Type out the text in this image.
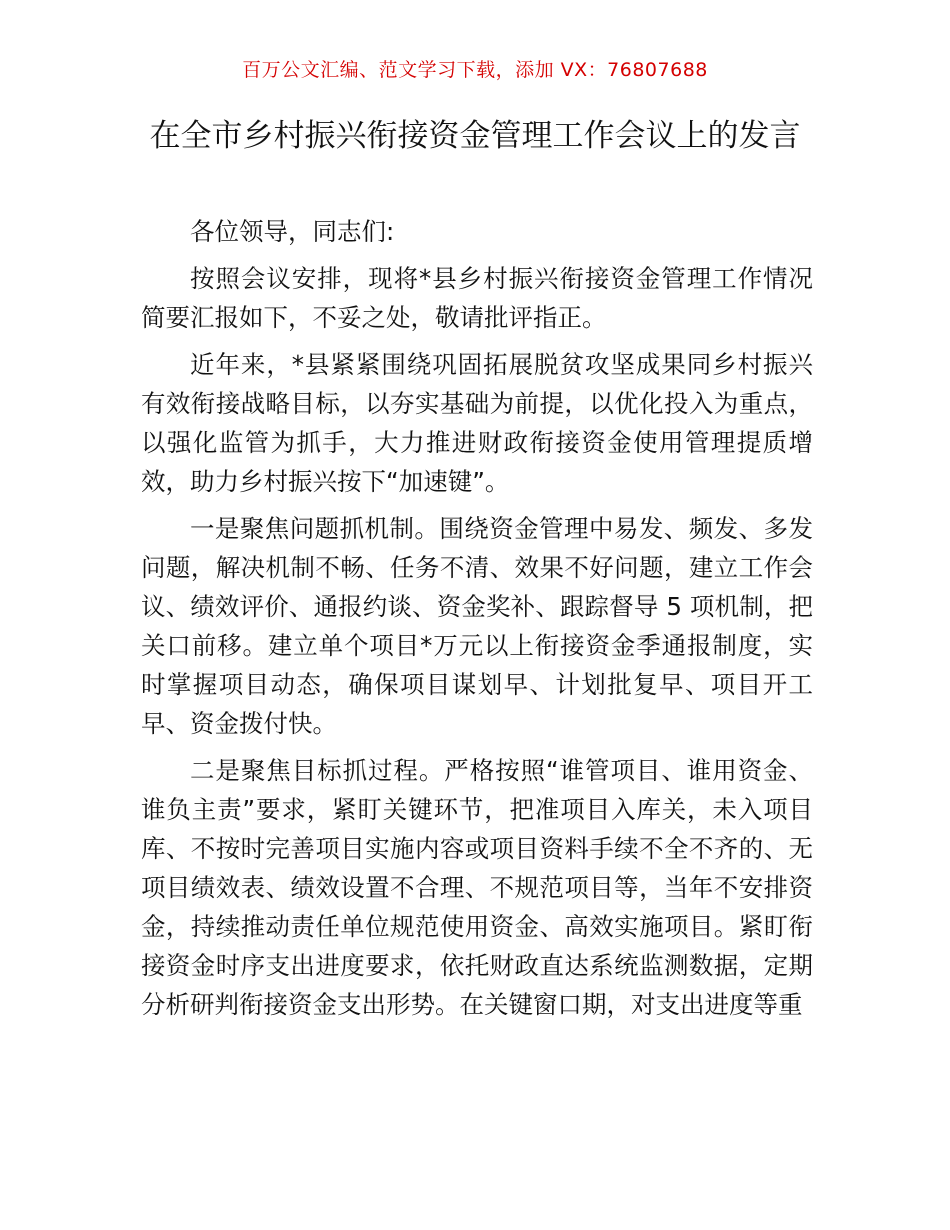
百万公文汇编、范文学习下载，添加 VX：76807688
在全市乡村振兴衔接资金管理工作会议上的发言

各位领导，同志们:

按照会议安排，现将*县乡村振兴衔接资金管理工作情况简要汇报如下，不妥之处，敬请批评指正。

近年来，*县紧紧围绕巩固拓展脱贫攻坚成果同乡村振兴有效衔接战略目标，以夯实基础为前提，以优化投入为重点，以强化监管为抓手，大力推进财政衔接资金使用管理提质增效，助力乡村振兴按下“加速键”。

一是聚焦问题抓机制。围绕资金管理中易发、频发、多发问题，解决机制不畅、任务不清、效果不好问题，建立工作会议、绩效评价、通报约谈、资金奖补、跟踪督导 5 项机制，把关口前移。建立单个项目*万元以上衔接资金季通报制度，实时掌握项目动态，确保项目谋划早、计划批复早、项目开工早、资金拨付快。

二是聚焦目标抓过程。严格按照“谁管项目、谁用资金、谁负主责”要求，紧盯关键环节，把准项目入库关，未入项目库、不按时完善项目实施内容或项目资料手续不全不齐的、无项目绩效表、绩效设置不合理、不规范项目等，当年不安排资金，持续推动责任单位规范使用资金、高效实施项目。紧盯衔接资金时序支出进度要求，依托财政直达系统监测数据，定期分析研判衔接资金支出形势。在关键窗口期，对支出进度等重
